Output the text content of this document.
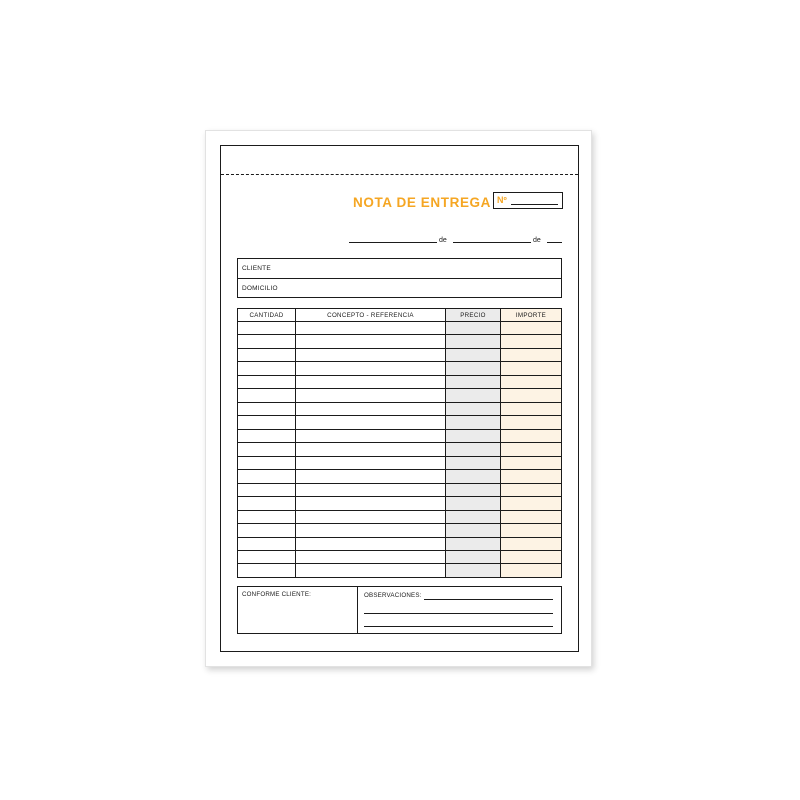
NOTA DE ENTREGA Nº
de	de
CLIENTE
DOMICILIO
CANTIDAD	CONCEPTO - REFERENCIA	PRECIO	IMPORTE
CONFORME CLIENTE:	OBSERVACIONES:
